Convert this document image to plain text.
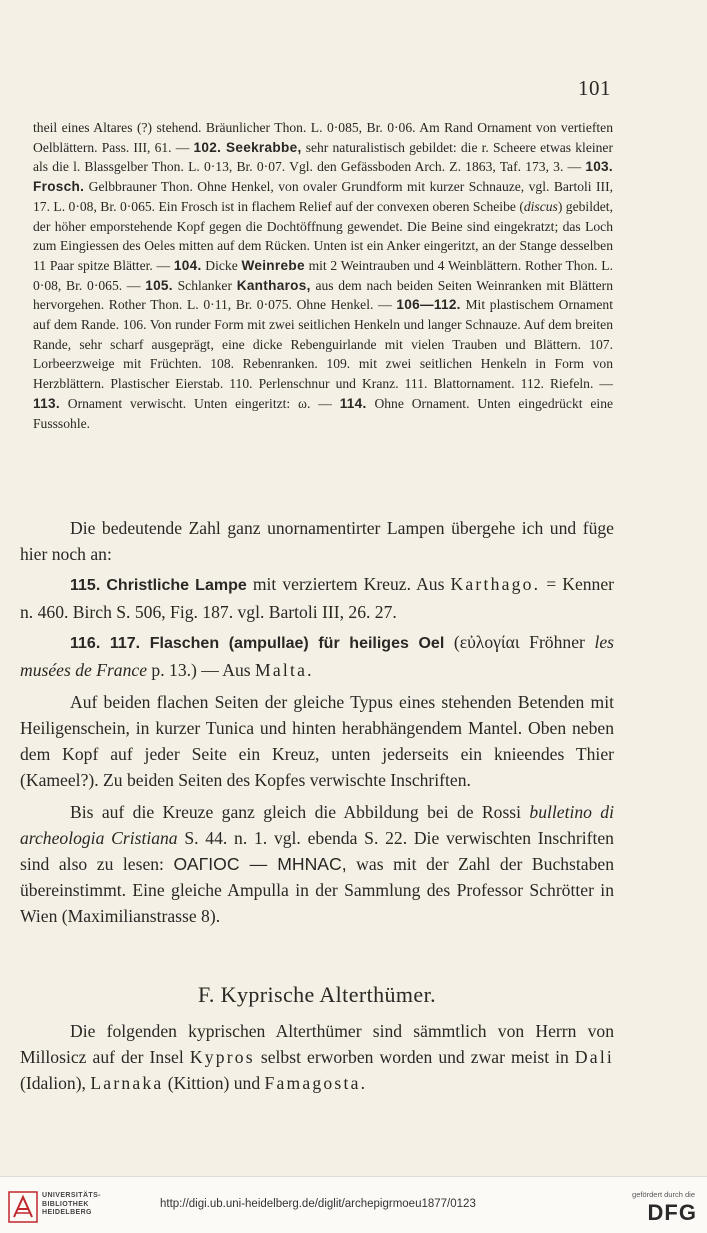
101

theil eines Altares (?) stehend. Bräunlicher Thon. L. 0·085, Br. 0·06. Am Rand Ornament von vertieften Oelblättern. Pass. III, 61. — 102. Seekrabbe, sehr naturalistisch gebildet: die r. Scheere etwas kleiner als die l. Blassgelber Thon. L. 0·13, Br. 0·07. Vgl. den Gefässboden Arch. Z. 1863, Taf. 173, 3. — 103. Frosch. Gelbbrauner Thon. Ohne Henkel, von ovaler Grundform mit kurzer Schnauze, vgl. Bartoli III, 17. L. 0·08, Br. 0·065. Ein Frosch ist in flachem Relief auf der convexen oberen Scheibe (discus) gebildet, der höher emporstehende Kopf gegen die Dochtöffnung gewendet. Die Beine sind eingekratzt; das Loch zum Eingiessen des Oeles mitten auf dem Rücken. Unten ist ein Anker eingeritzt, an der Stange desselben 11 Paar spitze Blätter. — 104. Dicke Weinrebe mit 2 Weintrauben und 4 Weinblättern. Rother Thon. L. 0·08, Br. 0·065. — 105. Schlanker Kantharos, aus dem nach beiden Seiten Weinranken mit Blättern hervorgehen. Rother Thon. L. 0·11, Br. 0·075. Ohne Henkel. — 106—112. Mit plastischem Ornament auf dem Rande. 106. Von runder Form mit zwei seitlichen Henkeln und langer Schnauze. Auf dem breiten Rande, sehr scharf ausgeprägt, eine dicke Rebenguirlande mit vielen Trauben und Blättern. 107. Lorbeerzweige mit Früchten. 108. Rebenranken. 109. mit zwei seitlichen Henkeln in Form von Herzblättern. Plastischer Eierstab. 110. Perlenschnur und Kranz. 111. Blattornament. 112. Riefeln. — 113. Ornament verwischt. Unten eingeritzt: ω. — 114. Ohne Ornament. Unten eingedrückt eine Fusssohle.

Die bedeutende Zahl ganz unornamentirter Lampen übergehe ich und füge hier noch an:

115. Christliche Lampe mit verziertem Kreuz. Aus Karthago. = Kenner n. 460. Birch S. 506, Fig. 187. vgl. Bartoli III, 26. 27.

116. 117. Flaschen (ampullae) für heiliges Oel (εὐλογίαι Fröhner les musées de France p. 13.) — Aus Malta.

Auf beiden flachen Seiten der gleiche Typus eines stehenden Betenden mit Heiligenschein, in kurzer Tunica und hinten herabhängendem Mantel. Oben neben dem Kopf auf jeder Seite ein Kreuz, unten jederseits ein knieendes Thier (Kameel?). Zu beiden Seiten des Kopfes verwischte Inschriften.

Bis auf die Kreuze ganz gleich die Abbildung bei de Rossi bulletino di archeologia Cristiana S. 44. n. 1. vgl. ebenda S. 22. Die verwischten Inschriften sind also zu lesen: ΟΑΓΙΟϹ — ΜΗΝΑϹ, was mit der Zahl der Buchstaben übereinstimmt. Eine gleiche Ampulla in der Sammlung des Professor Schrötter in Wien (Maximilianstrasse 8).

F. Kyprische Alterthümer.

Die folgenden kyprischen Alterthümer sind sämmtlich von Herrn von Millosicz auf der Insel Kypros selbst erworben worden und zwar meist in Dali (Idalion), Larnaka (Kittion) und Famagosta.

UNIVERSITÄTS-
BIBLIOTHEK
HEIDELBERG
http://digi.ub.uni-heidelberg.de/diglit/archepigrmoeu1877/0123
gefördert durch die
DFG
